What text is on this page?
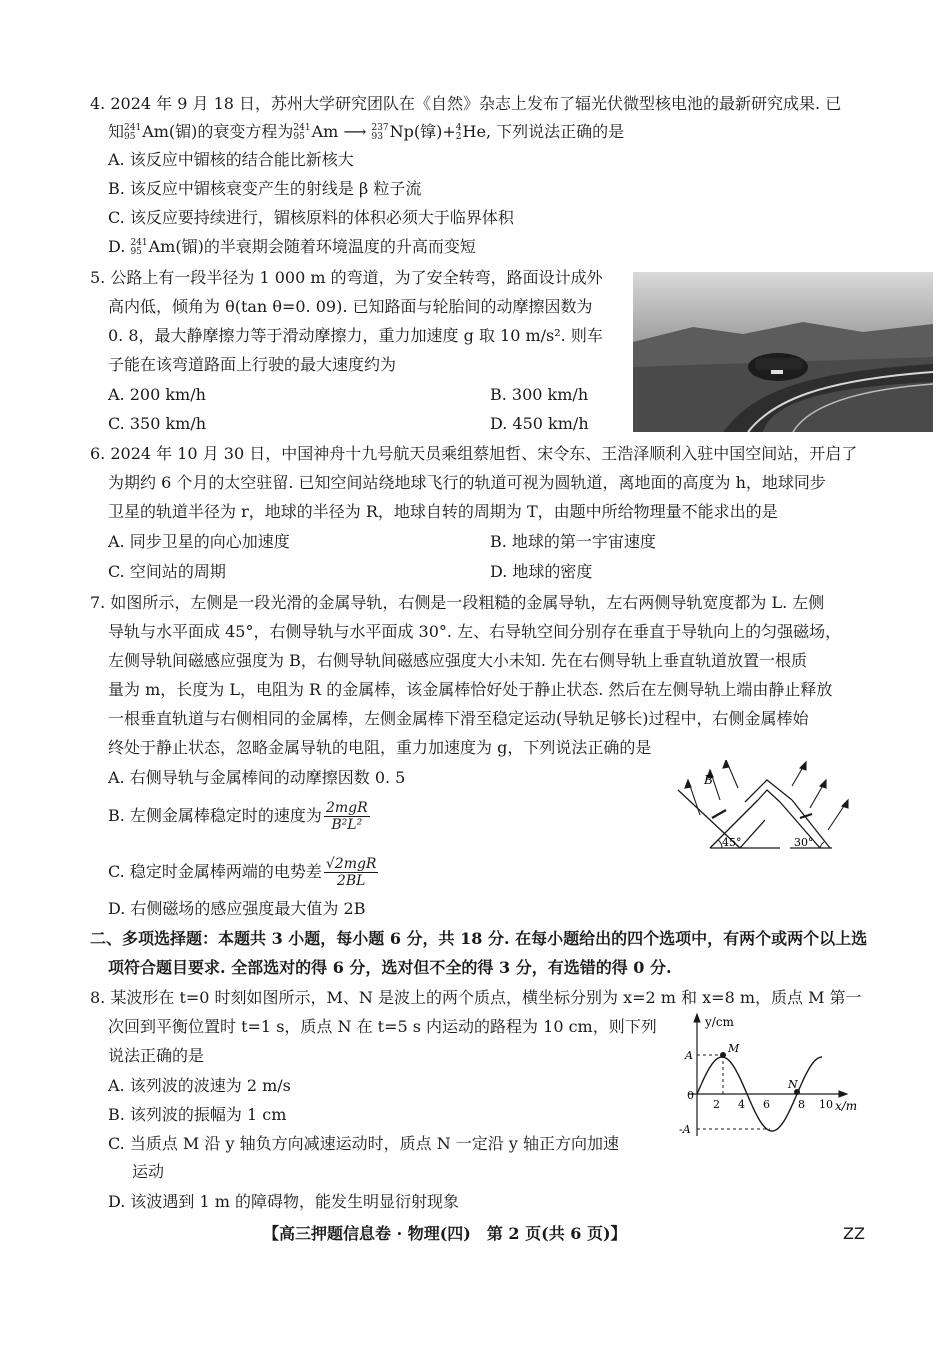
4. 2024 年 9 月 18 日，苏州大学研究团队在《自然》杂志上发布了辐光伏微型核电池的最新研究成果. 已
知 241
95 Am(镅)的衰变方程为 241
95 Am ⟶ 237
93 Np(镎)+ 4
2 He, 下列说法正确的是
A. 该反应中镅核的结合能比新核大
B. 该反应中镅核衰变产生的射线是 β 粒子流
C. 该反应要持续进行，镅核原料的体积必须大于临界体积
D. 241
95 Am(镅)的半衰期会随着环境温度的升高而变短
5. 公路上有一段半径为 1 000 m 的弯道，为了安全转弯，路面设计成外
高内低，倾角为 θ(tan θ=0. 09). 已知路面与轮胎间的动摩擦因数为
0. 8，最大静摩擦力等于滑动摩擦力，重力加速度 g 取 10 m/s². 则车
子能在该弯道路面上行驶的最大速度约为
A. 200 km/h	B. 300 km/h
C. 350 km/h	D. 450 km/h
6. 2024 年 10 月 30 日，中国神舟十九号航天员乘组蔡旭哲、宋令东、王浩泽顺利入驻中国空间站，开启了
为期约 6 个月的太空驻留. 已知空间站绕地球飞行的轨道可视为圆轨道，离地面的高度为 h，地球同步
卫星的轨道半径为 r，地球的半径为 R，地球自转的周期为 T，由题中所给物理量不能求出的是
A. 同步卫星的向心加速度	B. 地球的第一宇宙速度
C. 空间站的周期	D. 地球的密度
7. 如图所示，左侧是一段光滑的金属导轨，右侧是一段粗糙的金属导轨，左右两侧导轨宽度都为 L. 左侧
导轨与水平面成 45°，右侧导轨与水平面成 30°. 左、右导轨空间分别存在垂直于导轨向上的匀强磁场，
左侧导轨间磁感应强度为 B，右侧导轨间磁感应强度大小未知. 先在右侧导轨上垂直轨道放置一根质
量为 m，长度为 L，电阻为 R 的金属棒，该金属棒恰好处于静止状态. 然后在左侧导轨上端由静止释放
一根垂直轨道与右侧相同的金属棒，左侧金属棒下滑至稳定运动(导轨足够长)过程中，右侧金属棒始
终处于静止状态，忽略金属导轨的电阻，重力加速度为 g，下列说法正确的是
A. 右侧导轨与金属棒间的动摩擦因数 0. 5
B. 左侧金属棒稳定时的速度为 $\frac{\text{2mgR}}{\text{B²L²}}$
C. 稳定时金属棒两端的电势差 $\frac{\text{√2mgR}}{2BL}$
D. 右侧磁场的感应强度最大值为 2B
B
45°	30°
二、多项选择题：本题共 3 小题，每小题 6 分，共 18 分. 在每小题给出的四个选项中，有两个或两个以上选
项符合题目要求. 全部选对的得 6 分，选对但不全的得 3 分，有选错的得 0 分.
8. 某波形在 t=0 时刻如图所示，M、N 是波上的两个质点，横坐标分别为 x=2 m 和 x=8 m，质点 M 第一
次回到平衡位置时 t=1 s，质点 N 在 t=5 s 内运动的路程为 10 cm，则下列
说法正确的是
A. 该列波的波速为 2 m/s
B. 该列波的振幅为 1 cm
C. 当质点 M 沿 y 轴负方向减速运动时，质点 N 一定沿 y 轴正方向加速
运动
D. 该波遇到 1 m 的障碍物，能发生明显衍射现象
y/cm
x/m
A
-A
0
M
N
2 4 6	8 10
【高三押题信息卷 · 物理(四)　第 2 页(共 6 页)】	ZZ
